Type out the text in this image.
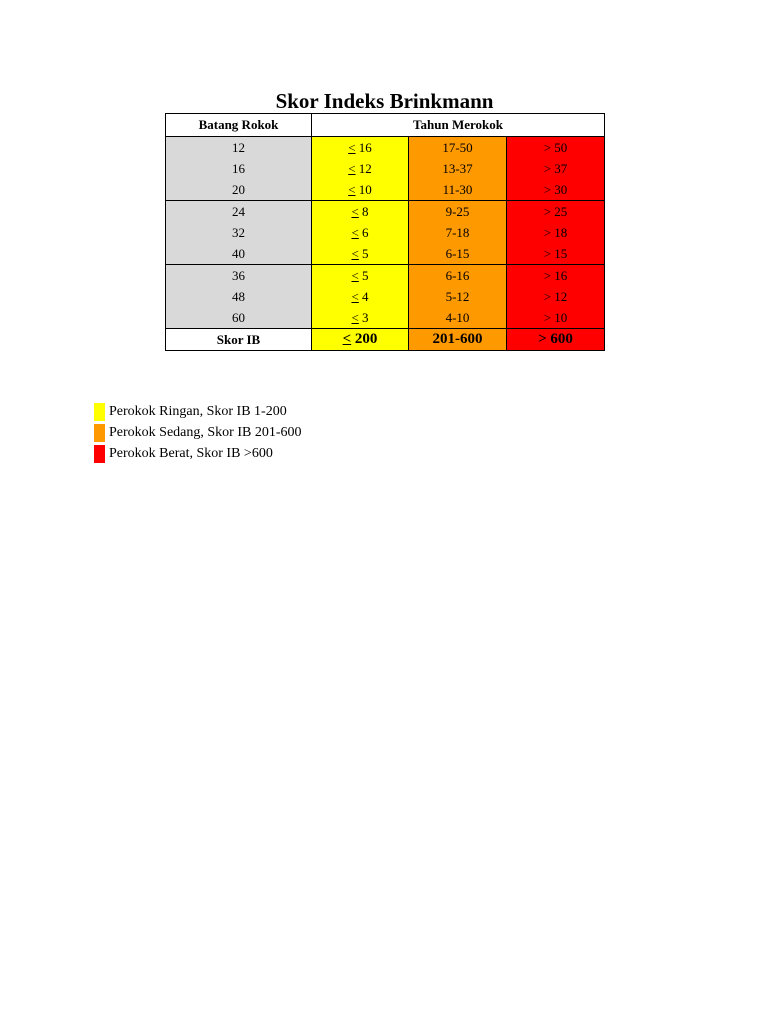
Skor Indeks Brinkmann
Batang Rokok	Tahun Merokok		
12	< 16	17-50	> 50
16	< 12	13-37	> 37
20	< 10	11-30	> 30
24	< 8	9-25	> 25
32	< 6	7-18	> 18
40	< 5	6-15	> 15
36	< 5	6-16	> 16
48	< 4	5-12	> 12
60	< 3	4-10	> 10
Skor IB	< 200	201-600	> 600
Perokok Ringan, Skor IB 1-200
Perokok Sedang, Skor IB 201-600
Perokok Berat, Skor IB >600
